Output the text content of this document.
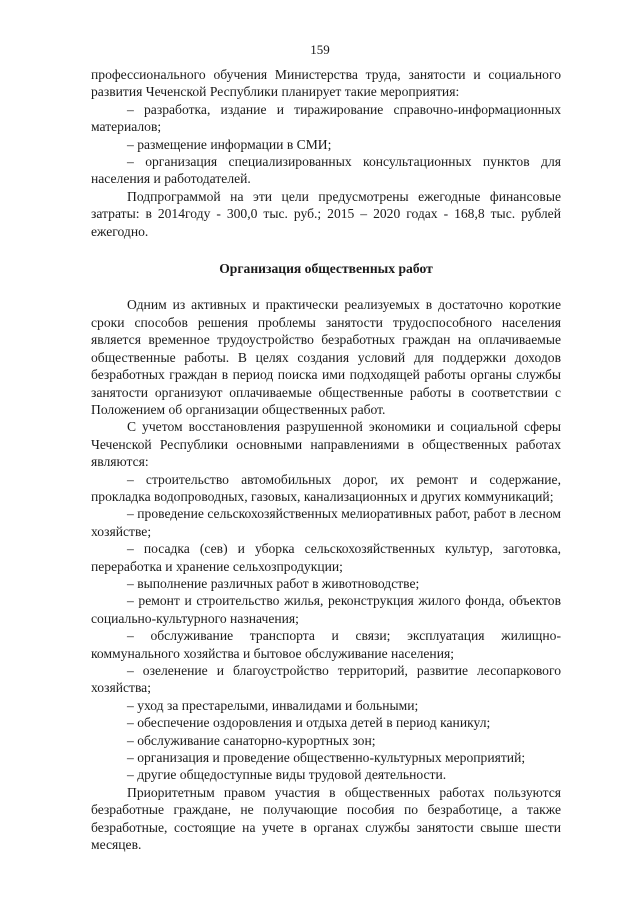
159

профессионального обучения Министерства труда, занятости и социального развития Чеченской Республики планирует такие мероприятия:

– разработка, издание и тиражирование справочно-информационных материалов;

– размещение информации в СМИ;

– организация специализированных консультационных пунктов для населения и работодателей.

Подпрограммой на эти цели предусмотрены ежегодные финансовые затраты: в 2014году - 300,0 тыс. руб.; 2015 – 2020 годах - 168,8 тыс. рублей ежегодно.

Организация общественных работ

Одним из активных и практически реализуемых в достаточно короткие сроки способов решения проблемы занятости трудоспособного населения является временное трудоустройство безработных граждан на оплачиваемые общественные работы. В целях создания условий для поддержки доходов безработных граждан в период поиска ими подходящей работы органы службы занятости организуют оплачиваемые общественные работы в соответствии с Положением об организации общественных работ.

С учетом восстановления разрушенной экономики и социальной сферы Чеченской Республики основными направлениями в общественных работах являются:

– строительство автомобильных дорог, их ремонт и содержание, прокладка водопроводных, газовых, канализационных и других коммуникаций;

– проведение сельскохозяйственных мелиоративных работ, работ в лесном хозяйстве;

– посадка (сев) и уборка сельскохозяйственных культур, заготовка, переработка и хранение сельхозпродукции;

– выполнение различных работ в животноводстве;

– ремонт и строительство жилья, реконструкция жилого фонда, объектов социально-культурного назначения;

– обслуживание транспорта и связи; эксплуатация жилищно-коммунального хозяйства и бытовое обслуживание населения;

– озеленение и благоустройство территорий, развитие лесопаркового хозяйства;

– уход за престарелыми, инвалидами и больными;

– обеспечение оздоровления и отдыха детей в период каникул;

– обслуживание санаторно-курортных зон;

– организация и проведение общественно-культурных мероприятий;

– другие общедоступные виды трудовой деятельности.

Приоритетным правом участия в общественных работах пользуются безработные граждане, не получающие пособия по безработице, а также безработные, состоящие на учете в органах службы занятости свыше шести месяцев.
